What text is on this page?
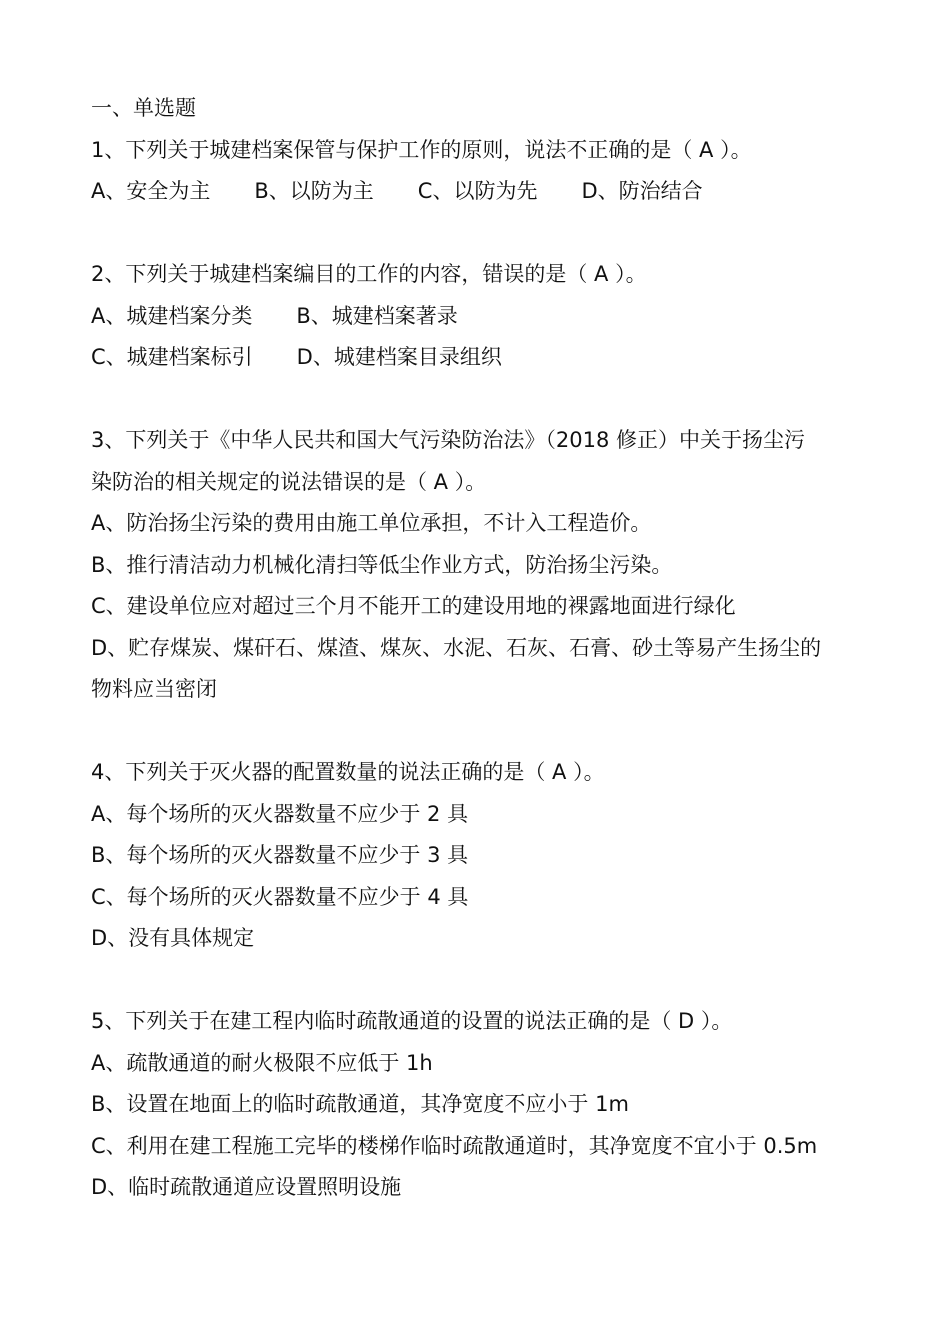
一、单选题
1、下列关于城建档案保管与保护工作的原则，说法不正确的是（ A ）。
A、安全为主 B、以防为主 C、以防为先 D、防治结合
2、下列关于城建档案编目的工作的内容，错误的是（ A ）。
A、城建档案分类 B、城建档案著录
C、城建档案标引 D、城建档案目录组织
3、下列关于《中华人民共和国大气污染防治法》（2018 修正）中关于扬尘污
染防治的相关规定的说法错误的是（ A ）。
A、防治扬尘污染的费用由施工单位承担，不计入工程造价。
B、推行清洁动力机械化清扫等低尘作业方式，防治扬尘污染。
C、建设单位应对超过三个月不能开工的建设用地的裸露地面进行绿化
D、贮存煤炭、煤矸石、煤渣、煤灰、水泥、石灰、石膏、砂土等易产生扬尘的
物料应当密闭
4、下列关于灭火器的配置数量的说法正确的是（ A ）。
A、每个场所的灭火器数量不应少于 2 具
B、每个场所的灭火器数量不应少于 3 具
C、每个场所的灭火器数量不应少于 4 具
D、没有具体规定
5、下列关于在建工程内临时疏散通道的设置的说法正确的是（ D ）。
A、疏散通道的耐火极限不应低于 1h
B、设置在地面上的临时疏散通道，其净宽度不应小于 1m
C、利用在建工程施工完毕的楼梯作临时疏散通道时，其净宽度不宜小于 0.5m
D、临时疏散通道应设置照明设施
